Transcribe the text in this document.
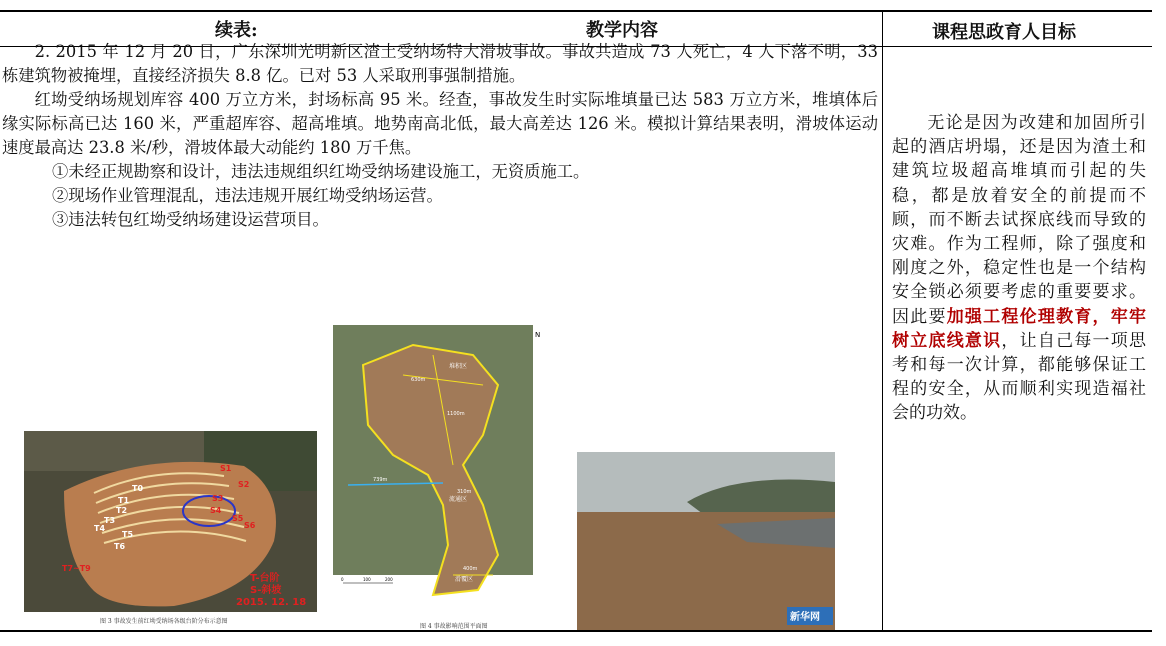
续表:	教学内容	课程思政育人目标

2. 2015 年 12 月 20 日，广东深圳光明新区渣土受纳场特大滑坡事故。事故共造成 73 人死亡，4 人下落不明，33 栋建筑物被掩埋，直接经济损失 8.8 亿。已对 53 人采取刑事强制措施。

红坳受纳场规划库容 400 万立方米，封场标高 95 米。经查，事故发生时实际堆填量已达 583 万立方米，堆填体后缘实际标高已达 160 米，严重超库容、超高堆填。地势南高北低，最大高差达 126 米。模拟计算结果表明，滑坡体运动速度最高达 23.8 米/秒，滑坡体最大动能约 180 万千焦。

①未经正规勘察和设计，违法违规组织红坳受纳场建设施工，无资质施工。

②现场作业管理混乱，违法违规开展红坳受纳场运营。

③违法转包红坳受纳场建设运营项目。

无论是因为改建和加固所引起的酒店坍塌，还是因为渣土和建筑垃圾超高堆填而引起的失稳，都是放着安全的前提而不顾，而不断去试探底线而导致的灾难。作为工程师，除了强度和刚度之外，稳定性也是一个结构安全锁必须要考虑的重要要求。因此要加强工程伦理教育，牢牢树立底线意识，让自己每一项思考和每一次计算，都能够保证工程的安全，从而顺利实现造福社会的功效。
T0
T1
T2
T3
T4
T5
T6
T7~T9
S1
S2
S3
S4
S5
S6
T-台阶
S-斜坡
2015. 12. 18
图 3 事故发生前红坳受纳场各级台阶分布示意图
堆积区
流通区
滑覆区
630m
1100m
739m
400m
310m
0	100	200
N
图 4 事故影响范围平面图
新华网
